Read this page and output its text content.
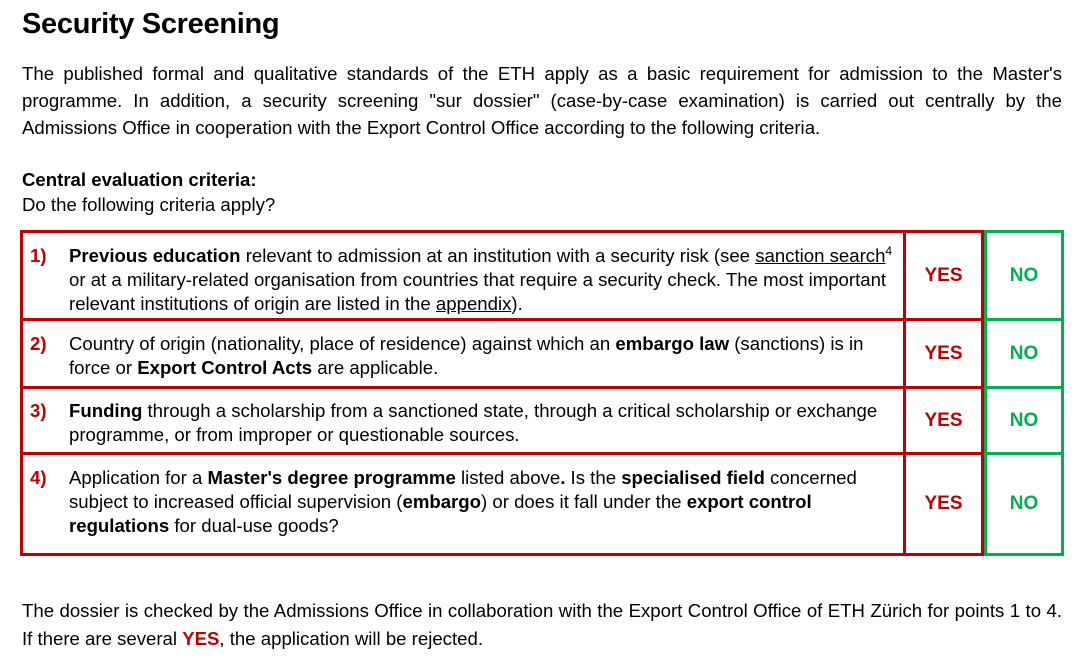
Security Screening

The published formal and qualitative standards of the ETH apply as a basic requirement for admission to the Master's programme. In addition, a security screening "sur dossier" (case-by-case examination) is carried out centrally by the Admissions Office in cooperation with the Export Control Office according to the following criteria.

Central evaluation criteria:

Do the following criteria apply?

1) Previous education relevant to admission at an institution with a security risk (see sanction search$^4$ or at a military-related organisation from countries that require a security check. The most important relevant institutions of origin are listed in the appendix).
YES	NO
2) Country of origin (nationality, place of residence) against which an embargo law (sanctions) is in force or Export Control Acts are applicable.
YES	NO
3) Funding through a scholarship from a sanctioned state, through a critical scholarship or exchange programme, or from improper or questionable sources.
YES	NO
4) Application for a Master's degree programme listed above. Is the specialised field concerned subject to increased official supervision (embargo) or does it fall under the export control regulations for dual-use goods?
YES	NO

The dossier is checked by the Admissions Office in collaboration with the Export Control Office of ETH Zürich for points 1 to 4. If there are several YES, the application will be rejected.
